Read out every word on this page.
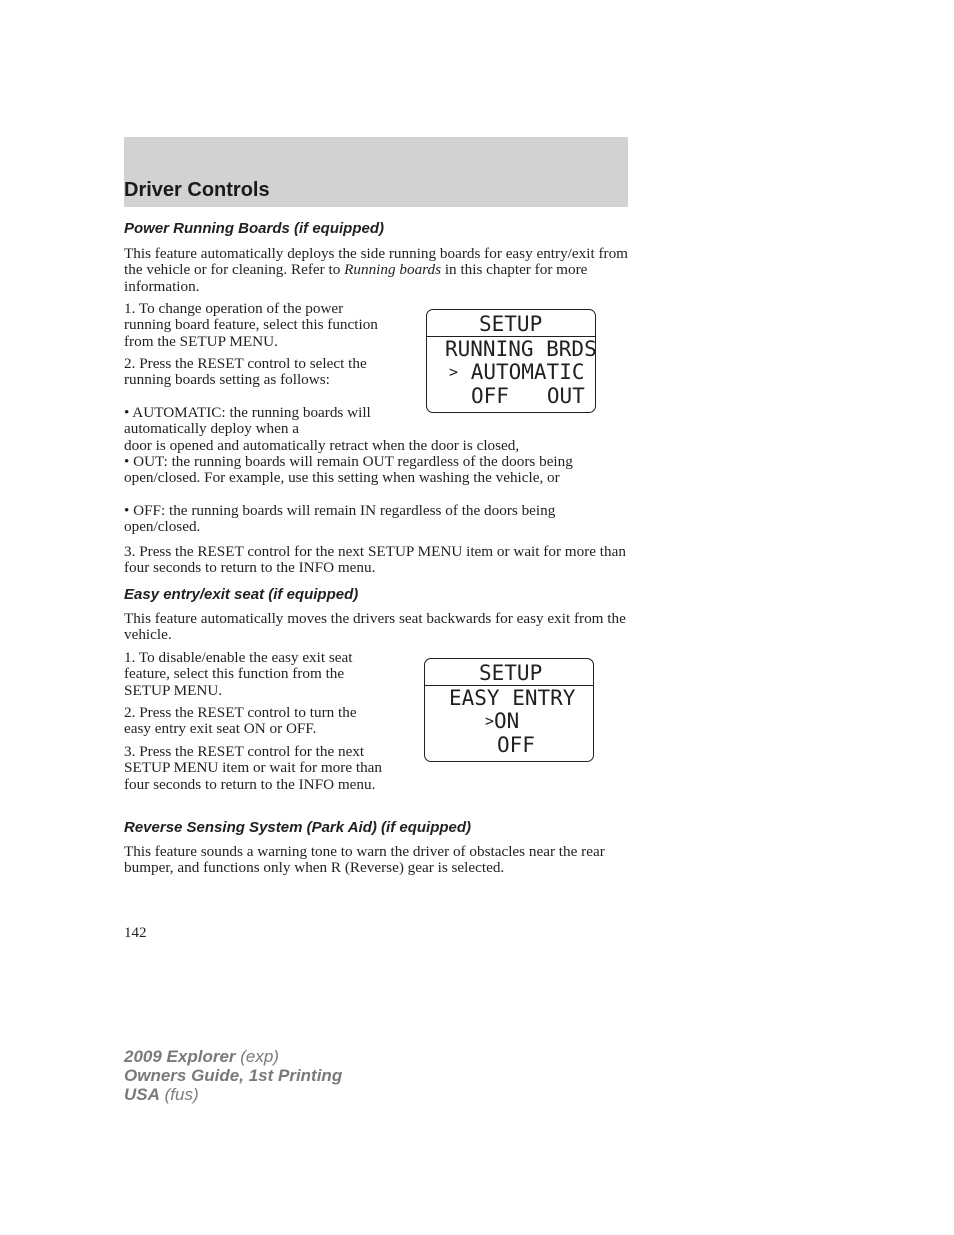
Driver Controls
Power Running Boards (if equipped)

This feature automatically deploys the side running boards for easy entry/exit from the vehicle or for cleaning. Refer to Running boards in this chapter for more information.

1. To change operation of the power running board feature, select this function from the SETUP MENU.

2. Press the RESET control to select the running boards setting as follows:

• AUTOMATIC: the running boards will automatically deploy when a

door is opened and automatically retract when the door is closed,

• OUT: the running boards will remain OUT regardless of the doors being open/closed. For example, use this setting when washing the vehicle, or

• OFF: the running boards will remain IN regardless of the doors being open/closed.

3. Press the RESET control for the next SETUP MENU item or wait for more than four seconds to return to the INFO menu.

SETUP
RUNNING BRDS
> AUTOMATIC
OFF   OUT
Easy entry/exit seat (if equipped)

This feature automatically moves the drivers seat backwards for easy exit from the vehicle.

1. To disable/enable the easy exit seat feature, select this function from the SETUP MENU.

2. Press the RESET control to turn the easy entry exit seat ON or OFF.

3. Press the RESET control for the next SETUP MENU item or wait for more than four seconds to return to the INFO menu.

SETUP
EASY ENTRY
>ON
OFF
Reverse Sensing System (Park Aid) (if equipped)

This feature sounds a warning tone to warn the driver of obstacles near the rear bumper, and functions only when R (Reverse) gear is selected.

142
2009 Explorer (exp)
Owners Guide, 1st Printing
USA (fus)
